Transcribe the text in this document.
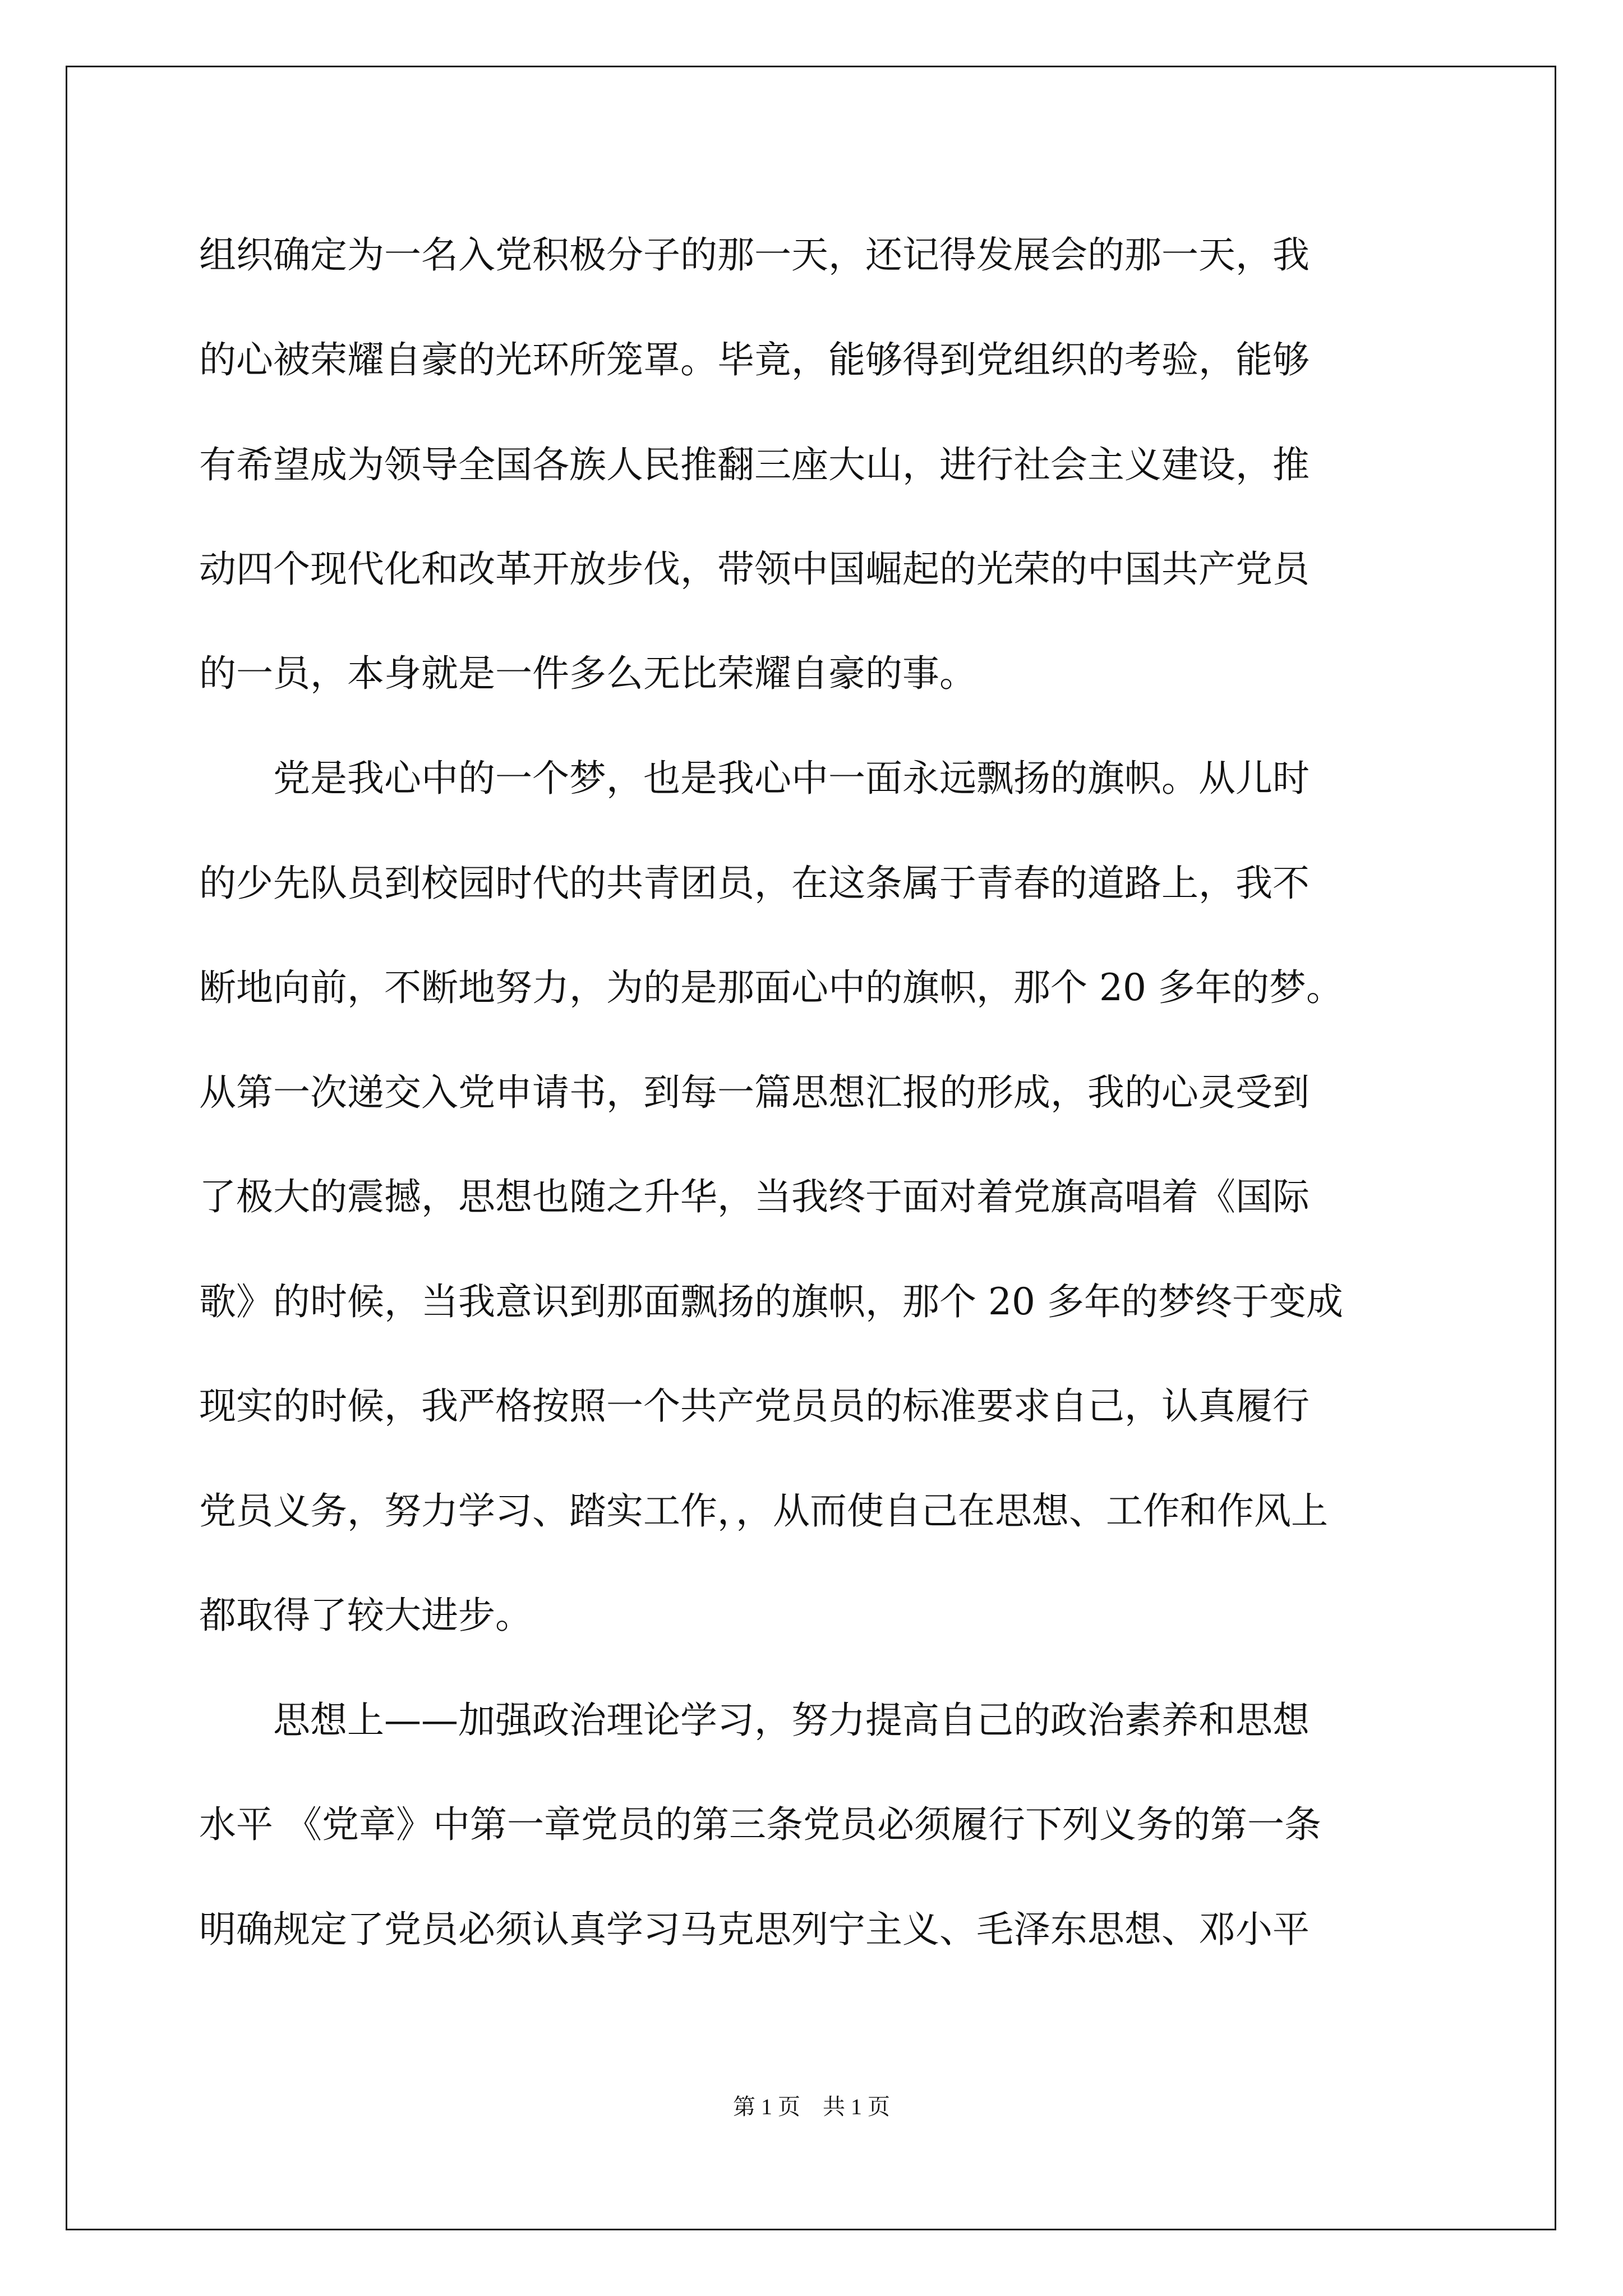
组织确定为一名入党积极分子的那一天，还记得发展会的那一天，我
的心被荣耀自豪的光环所笼罩。毕竟，能够得到党组织的考验，能够
有希望成为领导全国各族人民推翻三座大山，进行社会主义建设，推
动四个现代化和改革开放步伐，带领中国崛起的光荣的中国共产党员
的一员，本身就是一件多么无比荣耀自豪的事。
　　党是我心中的一个梦，也是我心中一面永远飘扬的旗帜。从儿时
的少先队员到校园时代的共青团员，在这条属于青春的道路上，我不
断地向前，不断地努力，为的是那面心中的旗帜，那个 20 多年的梦。
从第一次递交入党申请书，到每一篇思想汇报的形成，我的心灵受到
了极大的震撼，思想也随之升华，当我终于面对着党旗高唱着《国际
歌》的时候，当我意识到那面飘扬的旗帜，那个 20 多年的梦终于变成
现实的时候，我严格按照一个共产党员员的标准要求自己，认真履行
党员义务，努力学习、踏实工作，，从而使自己在思想、工作和作风上
都取得了较大进步。
　　思想上——加强政治理论学习，努力提高自己的政治素养和思想
水平 《党章》中第一章党员的第三条党员必须履行下列义务的第一条
明确规定了党员必须认真学习马克思列宁主义、毛泽东思想、邓小平
第 1 页　共 1 页
